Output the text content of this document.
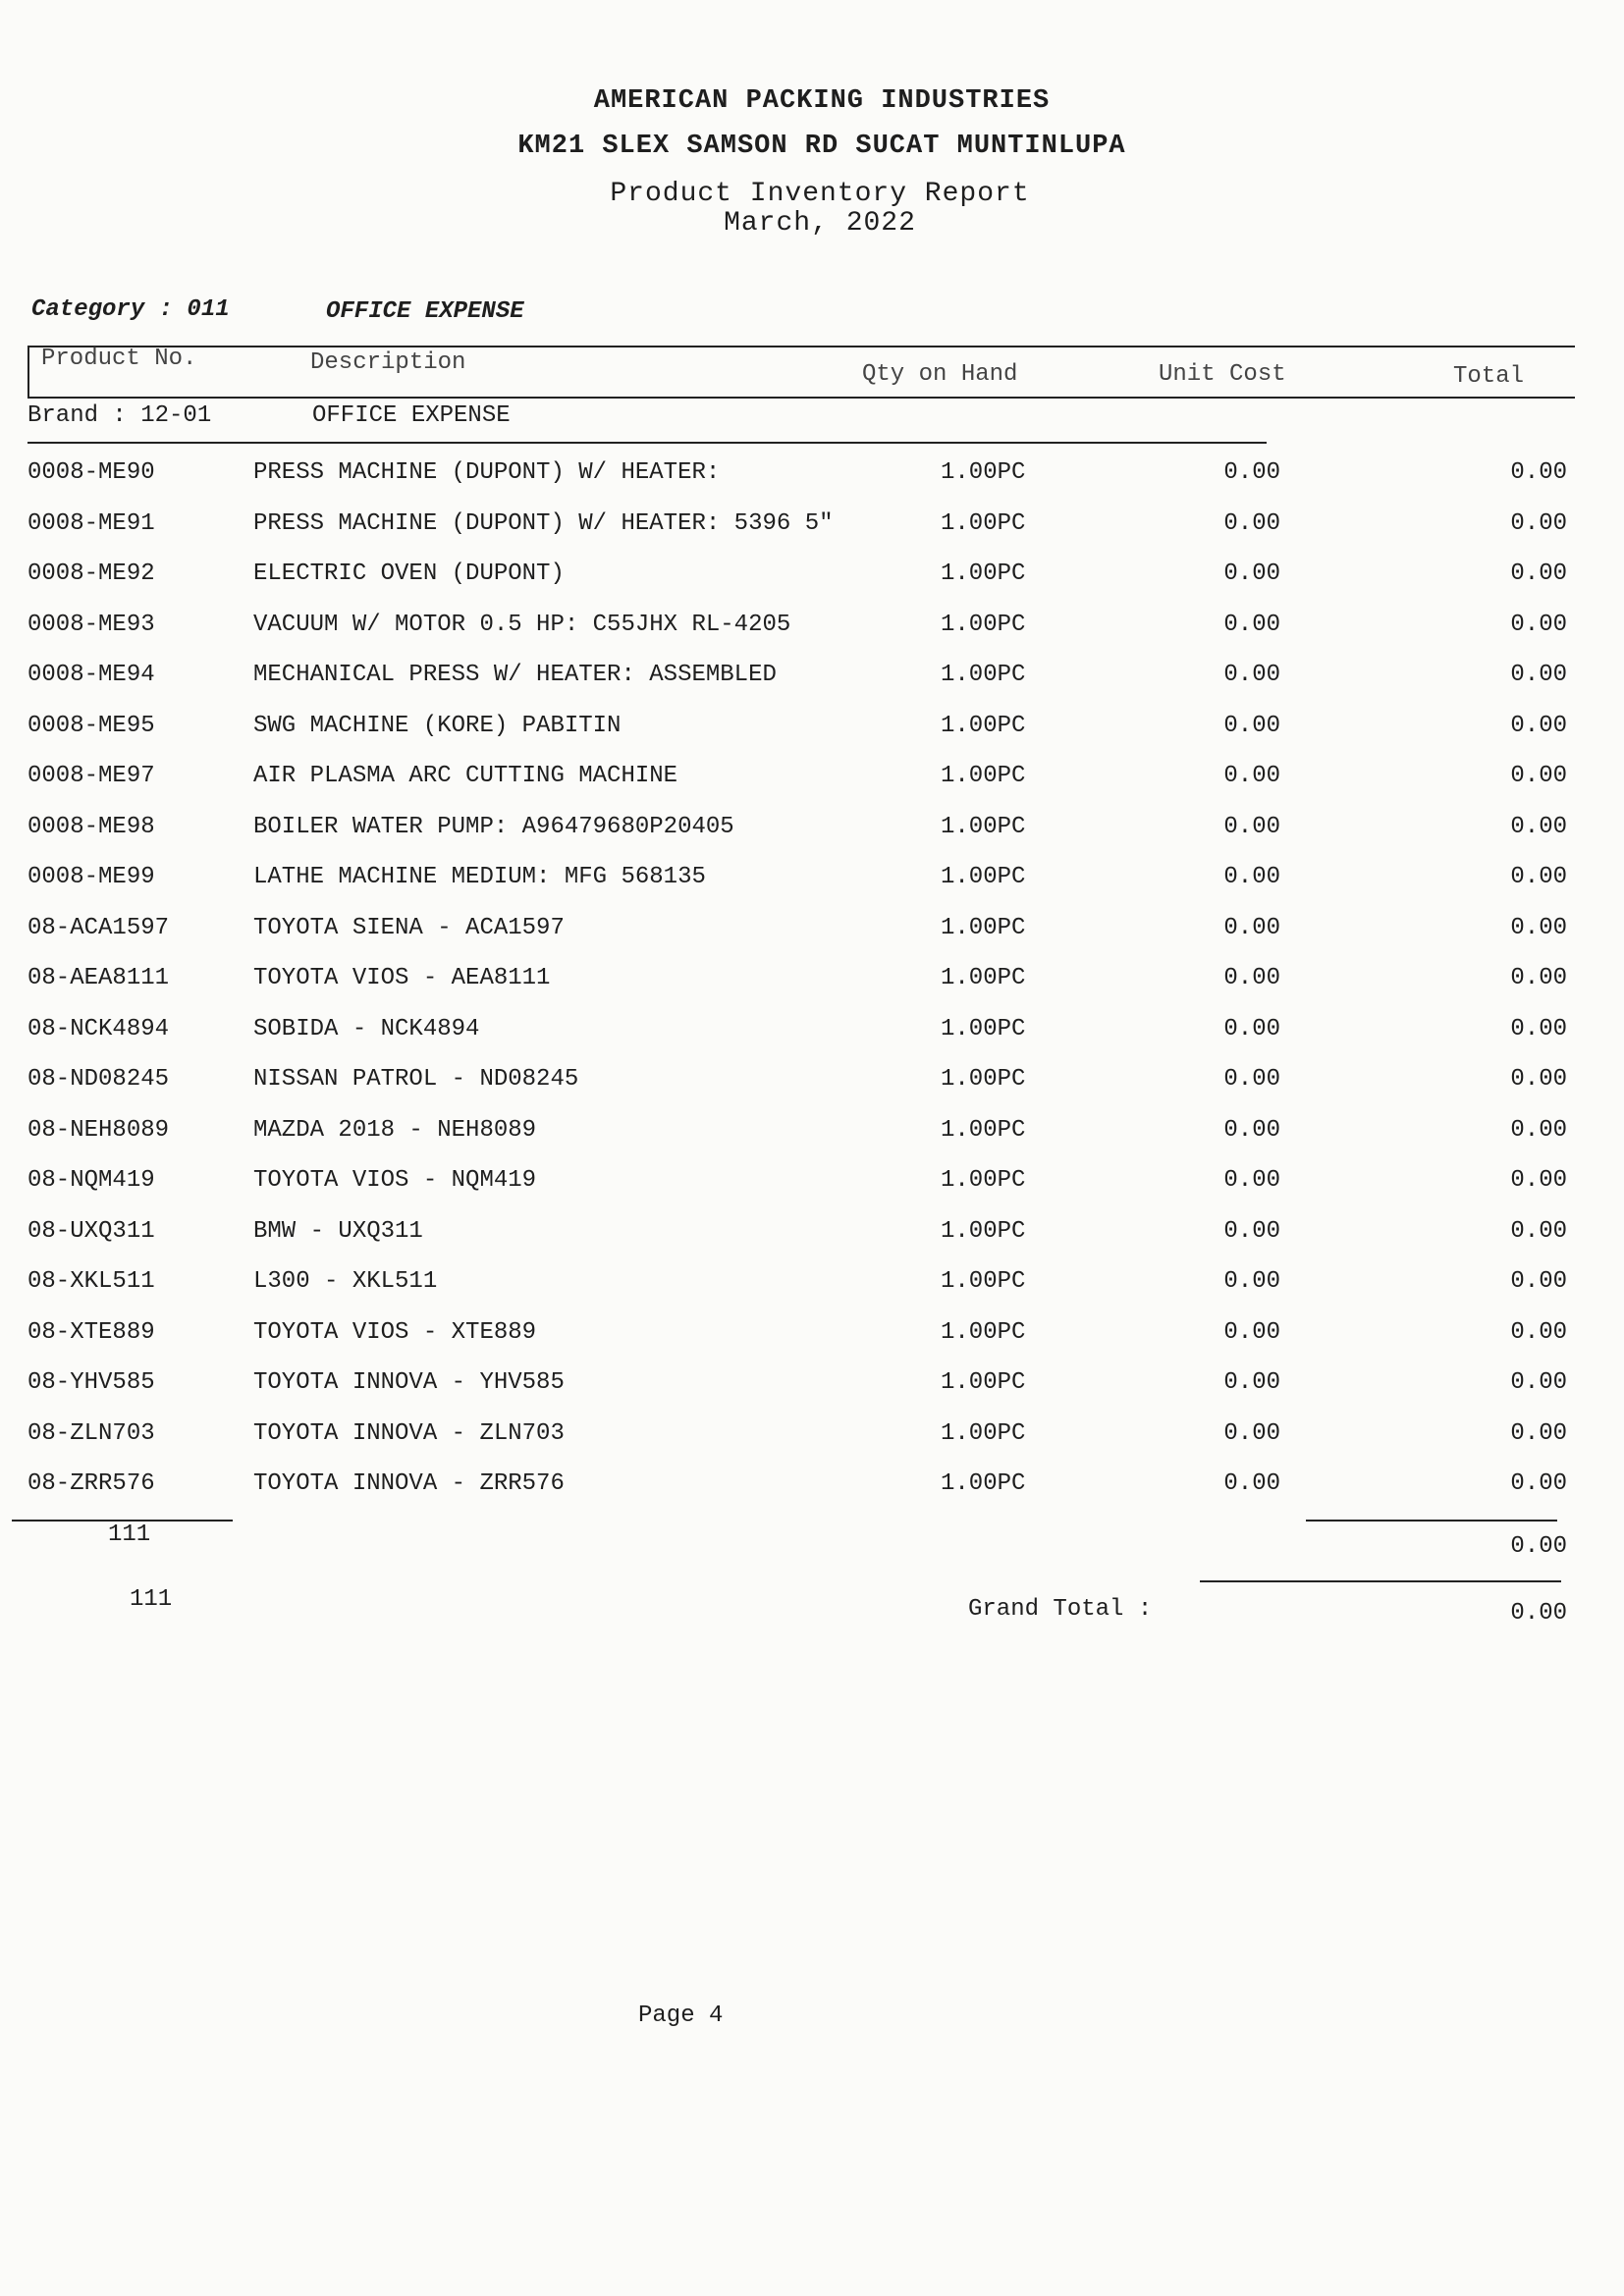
AMERICAN PACKING INDUSTRIES
KM21 SLEX SAMSON RD SUCAT MUNTINLUPA
Product Inventory Report
March, 2022
Category : 011	OFFICE EXPENSE
Product No.	Description	Qty on Hand	Unit Cost	Total
Brand : 12-01	OFFICE EXPENSE
0008-ME90	PRESS MACHINE (DUPONT) W/ HEATER:	1.00PC	0.00	0.00
0008-ME91	PRESS MACHINE (DUPONT) W/ HEATER: 5396 5"	1.00PC	0.00	0.00
0008-ME92	ELECTRIC OVEN (DUPONT)	1.00PC	0.00	0.00
0008-ME93	VACUUM W/ MOTOR 0.5 HP: C55JHX RL-4205	1.00PC	0.00	0.00
0008-ME94	MECHANICAL PRESS W/ HEATER: ASSEMBLED	1.00PC	0.00	0.00
0008-ME95	SWG MACHINE (KORE) PABITIN	1.00PC	0.00	0.00
0008-ME97	AIR PLASMA ARC CUTTING MACHINE	1.00PC	0.00	0.00
0008-ME98	BOILER WATER PUMP: A96479680P20405	1.00PC	0.00	0.00
0008-ME99	LATHE MACHINE MEDIUM: MFG 568135	1.00PC	0.00	0.00
08-ACA1597	TOYOTA SIENA - ACA1597	1.00PC	0.00	0.00
08-AEA8111	TOYOTA VIOS - AEA8111	1.00PC	0.00	0.00
08-NCK4894	SOBIDA - NCK4894	1.00PC	0.00	0.00
08-ND08245	NISSAN PATROL - ND08245	1.00PC	0.00	0.00
08-NEH8089	MAZDA 2018 - NEH8089	1.00PC	0.00	0.00
08-NQM419	TOYOTA VIOS - NQM419	1.00PC	0.00	0.00
08-UXQ311	BMW - UXQ311	1.00PC	0.00	0.00
08-XKL511	L300 - XKL511	1.00PC	0.00	0.00
08-XTE889	TOYOTA VIOS - XTE889	1.00PC	0.00	0.00
08-YHV585	TOYOTA INNOVA - YHV585	1.00PC	0.00	0.00
08-ZLN703	TOYOTA INNOVA - ZLN703	1.00PC	0.00	0.00
08-ZRR576	TOYOTA INNOVA - ZRR576	1.00PC	0.00	0.00
111	0.00
111	Grand Total :	0.00
Page 4
